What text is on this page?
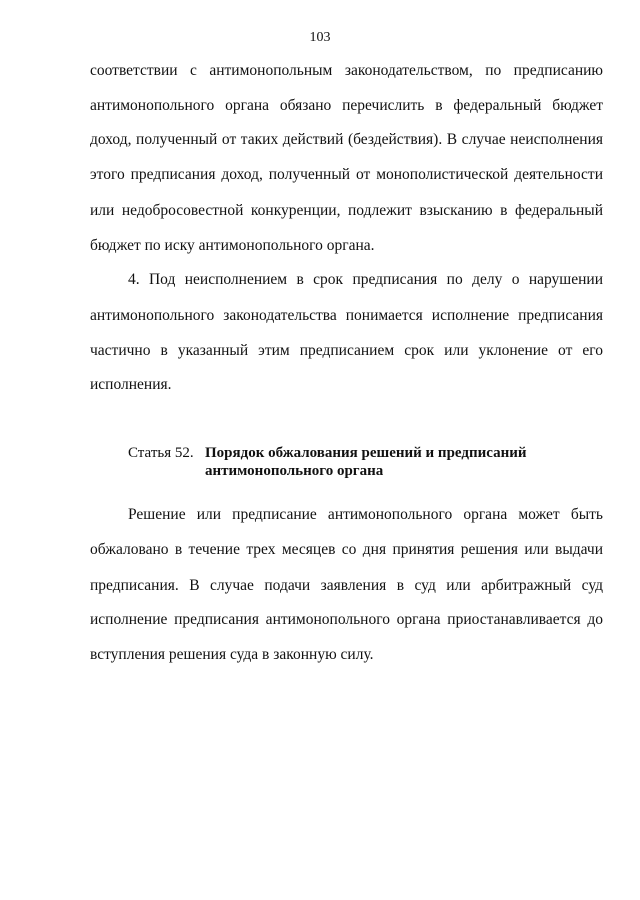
103
соответствии с антимонопольным законодательством, по предписанию
антимонопольного органа обязано перечислить в федеральный бюджет
доход, полученный от таких действий (бездействия). В случае неисполнения
этого предписания доход, полученный от монополистической деятельности
или недобросовестной конкуренции, подлежит взысканию в федеральный
бюджет по иску антимонопольного органа.
4. Под неисполнением в срок предписания по делу о нарушении
антимонопольного законодательства понимается исполнение предписания
частично в указанный этим предписанием срок или уклонение от его
исполнения.
Статья 52. Порядок обжалования решений и предписаний
антимонопольного органа
Решение или предписание антимонопольного органа может быть
обжаловано в течение трех месяцев со дня принятия решения или выдачи
предписания. В случае подачи заявления в суд или арбитражный суд
исполнение предписания антимонопольного органа приостанавливается до
вступления решения суда в законную силу.
